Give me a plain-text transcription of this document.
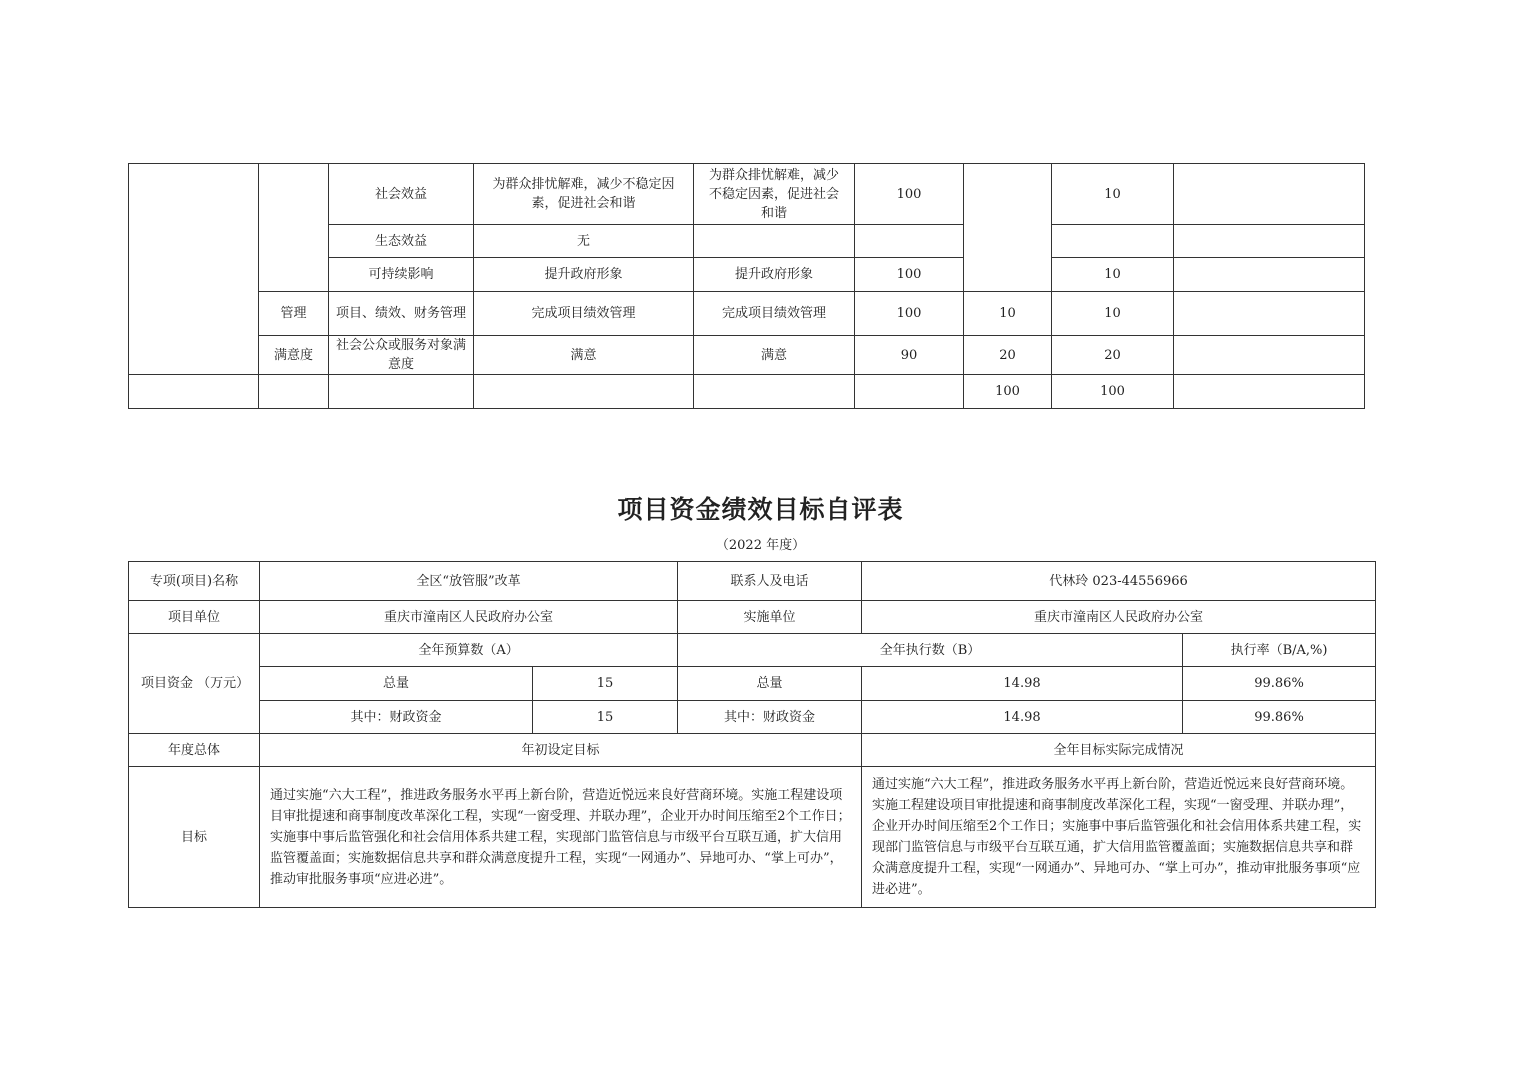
		社会效益	为群众排忧解难，减少不稳定因素，促进社会和谐	为群众排忧解难，减少不稳定因素，促进社会和谐	100		10	
		生态效益	无					
		可持续影响	提升政府形象	提升政府形象	100		10	
	管理	项目、绩效、财务管理	完成项目绩效管理	完成项目绩效管理	100	10	10	
	满意度	社会公众或服务对象满意度	满意	满意	90	20	20	
						100	100	
项目资金绩效目标自评表
（2022 年度）
专项(项目)名称	全区“放管服”改革		联系人及电话	代林玲 023-44556966	
项目单位	重庆市潼南区人民政府办公室		实施单位	重庆市潼南区人民政府办公室	
项目资金 （万元）	全年预算数（A）		全年执行数（B）		执行率（B/A,%)
	总量	15	总量	14.98	99.86%
	其中：财政资金	15	其中：财政资金	14.98	99.86%
年度总体	年初设定目标			全年目标实际完成情况	
目标	通过实施“六大工程”，推进政务服务水平再上新台阶，营造近悦远来良好营商环境。实施工程建设项目审批提速和商事制度改革深化工程，实现“一窗受理、并联办理”，企业开办时间压缩至2个工作日；实施事中事后监管强化和社会信用体系共建工程，实现部门监管信息与市级平台互联互通，扩大信用监管覆盖面；实施数据信息共享和群众满意度提升工程，实现“一网通办”、异地可办、“掌上可办”，推动审批服务事项“应进必进”。			通过实施“六大工程”，推进政务服务水平再上新台阶，营造近悦远来良好营商环境。实施工程建设项目审批提速和商事制度改革深化工程，实现“一窗受理、并联办理”，企业开办时间压缩至2个工作日；实施事中事后监管强化和社会信用体系共建工程，实现部门监管信息与市级平台互联互通，扩大信用监管覆盖面；实施数据信息共享和群众满意度提升工程，实现“一网通办”、异地可办、“掌上可办”，推动审批服务事项“应进必进”。	
